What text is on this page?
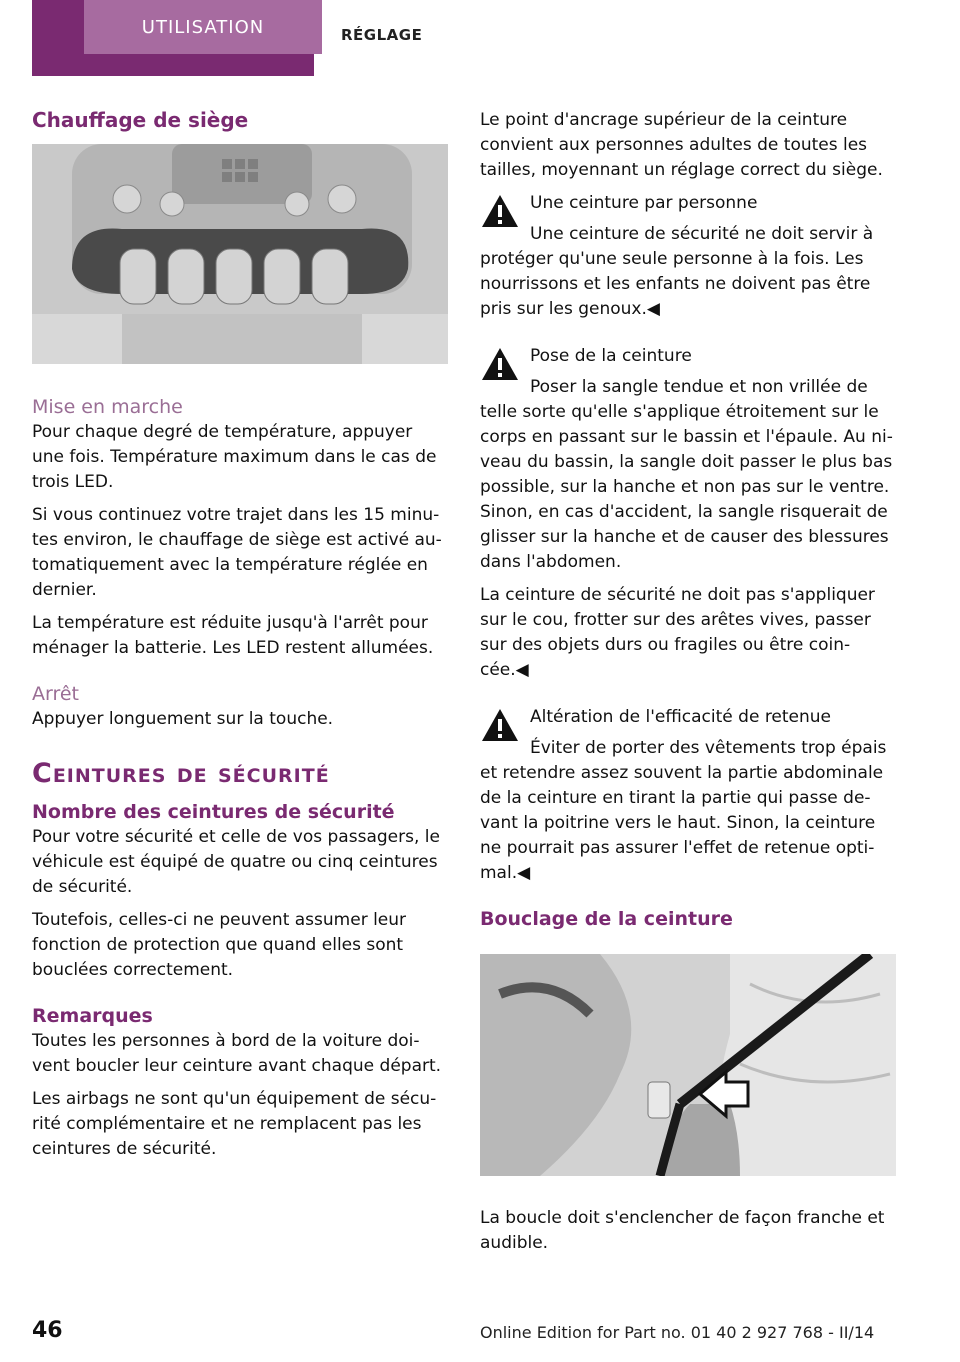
UTILISATION	RÉGLAGE
Chauffage de siège
Mise en marche

Pour chaque degré de température, appuyer une fois. Température maximum dans le cas de trois LED.

Si vous continuez votre trajet dans les 15 minu-tes environ, le chauffage de siège est activé au-tomatiquement avec la température réglée en dernier.

La température est réduite jusqu'à l'arrêt pour ménager la batterie. Les LED restent allumées.

Arrêt

Appuyer longuement sur la touche.

Ceintures de sécurité
Nombre des ceintures de sécurité

Pour votre sécurité et celle de vos passagers, le véhicule est équipé de quatre ou cinq ceintures de sécurité.

Toutefois, celles-ci ne peuvent assumer leur fonction de protection que quand elles sont bouclées correctement.

Remarques

Toutes les personnes à bord de la voiture doi-vent boucler leur ceinture avant chaque départ.

Les airbags ne sont qu'un équipement de sécu-rité complémentaire et ne remplacent pas les ceintures de sécurité.

Le point d'ancrage supérieur de la ceinture convient aux personnes adultes de toutes les tailles, moyennant un réglage correct du siège.

Une ceinture par personne

Une ceinture de sécurité ne doit servir à protéger qu'une seule personne à la fois. Les nourrissons et les enfants ne doivent pas être pris sur les genoux.◀

Pose de la ceinture

Poser la sangle tendue et non vrillée de telle sorte qu'elle s'applique étroitement sur le corps en passant sur le bassin et l'épaule. Au ni-veau du bassin, la sangle doit passer le plus bas possible, sur la hanche et non pas sur le ventre. Sinon, en cas d'accident, la sangle risquerait de glisser sur la hanche et de causer des blessures dans l'abdomen.

La ceinture de sécurité ne doit pas s'appliquer sur le cou, frotter sur des arêtes vives, passer sur des objets durs ou fragiles ou être coin-cée.◀

Altération de l'efficacité de retenue

Éviter de porter des vêtements trop épais et retendre assez souvent la partie abdominale de la ceinture en tirant la partie qui passe de-vant la poitrine vers le haut. Sinon, la ceinture ne pourrait pas assurer l'effet de retenue opti-mal.◀

Bouclage de la ceinture

La boucle doit s'enclencher de façon franche et audible.

46	Online Edition for Part no. 01 40 2 927 768 - II/14
